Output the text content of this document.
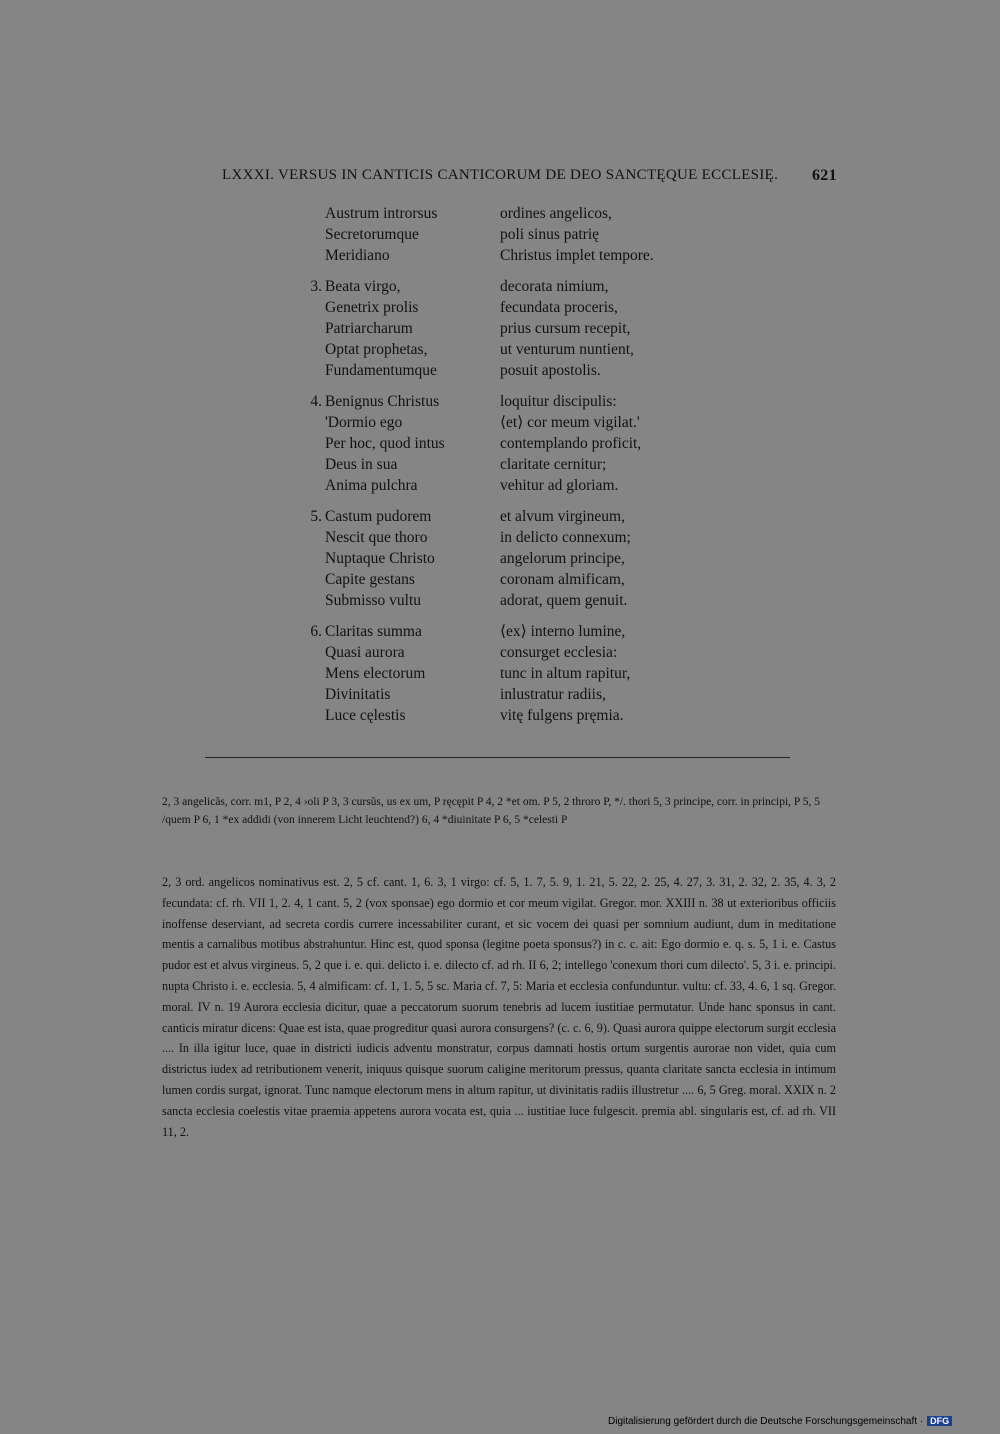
LXXXI. VERSUS IN CANTICIS CANTICORUM DE DEO SANCTĘQUE ECCLESIĘ. 621
Austrum introrsus	ordines angelicos,
Secretorumque	poli sinus patrię
Meridiano	Christus implet tempore.
3. Beata virgo,	decorata nimium,
Genetrix prolis	fecundata proceris,
Patriarcharum	prius cursum recepit,
Optat prophetas,	ut venturum nuntient,
Fundamentumque	posuit apostolis.
4. Benignus Christus	loquitur discipulis:
'Dormio ego	⟨et⟩ cor meum vigilat.'
Per hoc, quod intus	contemplando proficit,
Deus in sua	claritate cernitur;
Anima pulchra	vehitur ad gloriam.
5. Castum pudorem	et alvum virgineum,
Nescit que thoro	in delicto connexum;
Nuptaque Christo	angelorum principe,
Capite gestans	coronam almificam,
Submisso vultu	adorat, quem genuit.
6. Claritas summa	⟨ex⟩ interno lumine,
Quasi aurora	consurget ecclesia:
Mens electorum	tunc in altum rapitur,
Divinitatis	inlustratur radiis,
Luce cęlestis	vitę fulgens pręmia.
2, 3 angelicãs, corr. m1, P 2, 4 ›oli P 3, 3 cursũs, us ex um, P ręcępit P 4, 2 *et om. P 5, 2 throro P, */. thori 5, 3 principe, corr. in principi, P 5, 5 /quem P 6, 1 *ex addidi (von innerem Licht leuchtend?) 6, 4 *diuinitate P 6, 5 *celesti P
2, 3 ord. angelicos nominativus est. 2, 5 cf. cant. 1, 6. 3, 1 virgo: cf. 5, 1. 7, 5. 9, 1. 21, 5. 22, 2. 25, 4. 27, 3. 31, 2. 32, 2. 35, 4. 3, 2 fecundata: cf. rh. VII 1, 2. 4, 1 cant. 5, 2 (vox sponsae) ego dormio et cor meum vigilat. Gregor. mor. XXIII n. 38 ut exterioribus officiis inoffense deserviant, ad secreta cordis currere incessabiliter curant, et sic vocem dei quasi per somnium audiunt, dum in meditatione mentis a carnalibus motibus abstrahuntur. Hinc est, quod sponsa (legitne poeta sponsus?) in c. c. ait: Ego dormio e. q. s. 5, 1 i. e. Castus pudor est et alvus virgineus. 5, 2 que i. e. qui. delicto i. e. dilecto cf. ad rh. II 6, 2; intellego 'conexum thori cum dilecto'. 5, 3 i. e. principi. nupta Christo i. e. ecclesia. 5, 4 almificam: cf. 1, 1. 5, 5 sc. Maria cf. 7, 5: Maria et ecclesia confunduntur. vultu: cf. 33, 4. 6, 1 sq. Gregor. moral. IV n. 19 Aurora ecclesia dicitur, quae a peccatorum suorum tenebris ad lucem iustitiae permutatur. Unde hanc sponsus in cant. canticis miratur dicens: Quae est ista, quae progreditur quasi aurora consurgens? (c. c. 6, 9). Quasi aurora quippe electorum surgit ecclesia .... In illa igitur luce, quae in districti iudicis adventu monstratur, corpus damnati hostis ortum surgentis aurorae non videt, quia cum districtus iudex ad retributionem venerit, iniquus quisque suorum caligine meritorum pressus, quanta claritate sancta ecclesia in intimum lumen cordis surgat, ignorat. Tunc namque electorum mens in altum rapitur, ut divinitatis radiis illustretur .... 6, 5 Greg. moral. XXIX n. 2 sancta ecclesia coelestis vitae praemia appetens aurora vocata est, quia ... iustitiae luce fulgescit. premia abl. singularis est, cf. ad rh. VII 11, 2.
Digitalisierung gefördert durch die Deutsche Forschungsgemeinschaft · DFG
